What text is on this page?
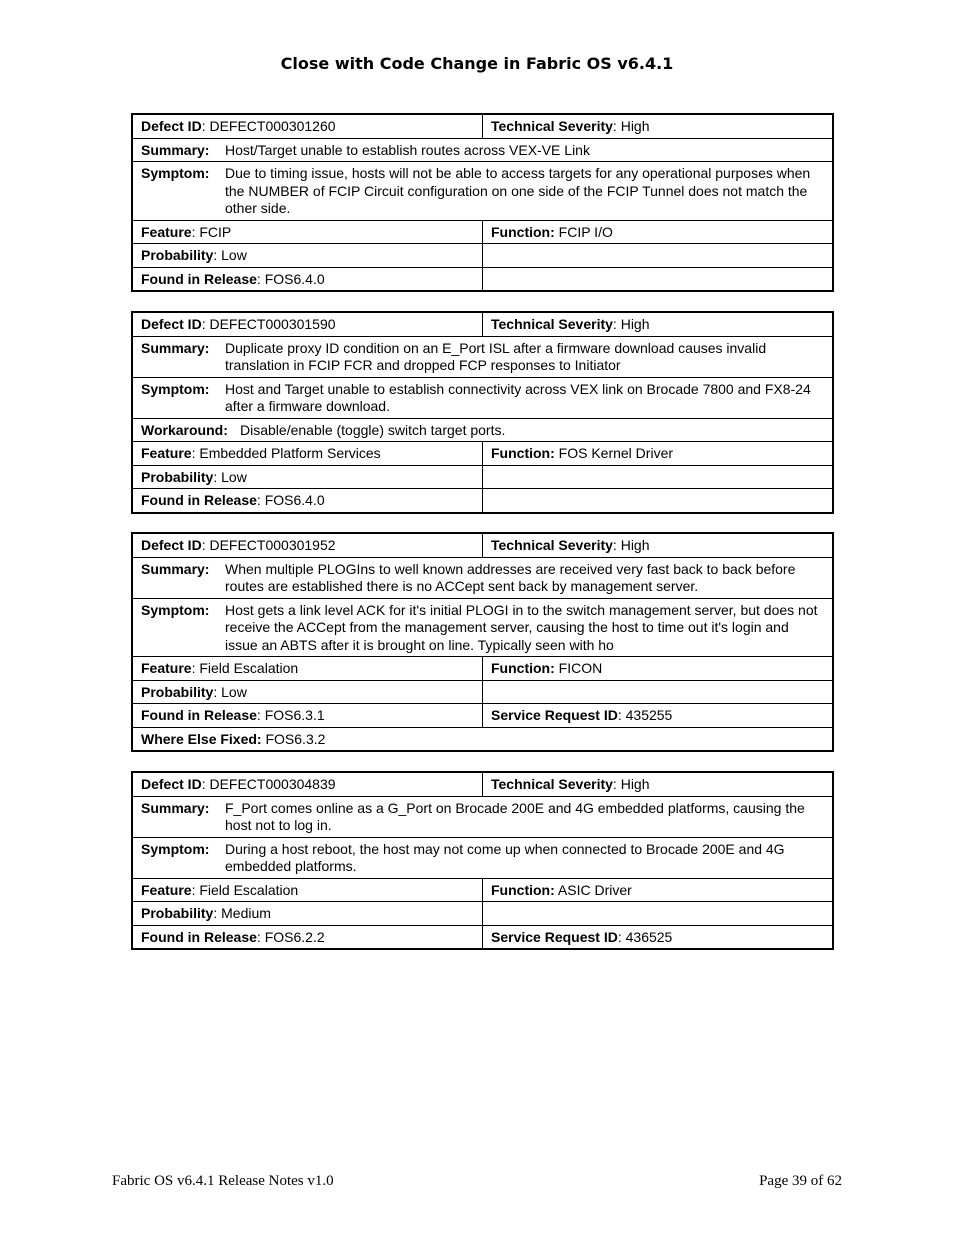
Close with Code Change in Fabric OS v6.4.1
Defect ID: DEFECT000301260	Technical Severity: High

Summary: Host/Target unable to establish routes across VEX-VE Link	

Symptom: Due to timing issue, hosts will not be able to access targets for any operational purposes when the NUMBER of FCIP Circuit configuration on one side of the FCIP Tunnel does not match the other side.	

Feature: FCIP	Function: FCIP I/O
Probability: Low	
Found in Release: FOS6.4.0	
Defect ID: DEFECT000301590	Technical Severity: High

Summary: Duplicate proxy ID condition on an E_Port ISL after a firmware download causes invalid translation in FCIP FCR and dropped FCP responses to Initiator	

Symptom: Host and Target unable to establish connectivity across VEX link on Brocade 7800 and FX8-24 after a firmware download.	

Workaround: Disable/enable (toggle) switch target ports.	

Feature: Embedded Platform Services	Function: FOS Kernel Driver
Probability: Low	
Found in Release: FOS6.4.0	
Defect ID: DEFECT000301952	Technical Severity: High

Summary: When multiple PLOGIns to well known addresses are received very fast back to back before routes are established there is no ACCept sent back by management server.	

Symptom: Host gets a link level ACK for it's initial PLOGI in to the switch management server, but does not receive the ACCept from the management server, causing the host to time out it's login and issue an ABTS after it is brought on line. Typically seen with ho	

Feature: Field Escalation	Function: FICON
Probability: Low	
Found in Release: FOS6.3.1	Service Request ID: 435255
Where Else Fixed: FOS6.3.2	
Defect ID: DEFECT000304839	Technical Severity: High

Summary: F_Port comes online as a G_Port on Brocade 200E and 4G embedded platforms, causing the host not to log in.	

Symptom: During a host reboot, the host may not come up when connected to Brocade 200E and 4G embedded platforms.	

Feature: Field Escalation	Function: ASIC Driver
Probability: Medium	
Found in Release: FOS6.2.2	Service Request ID: 436525
Fabric OS v6.4.1 Release Notes v1.0	Page 39 of 62
